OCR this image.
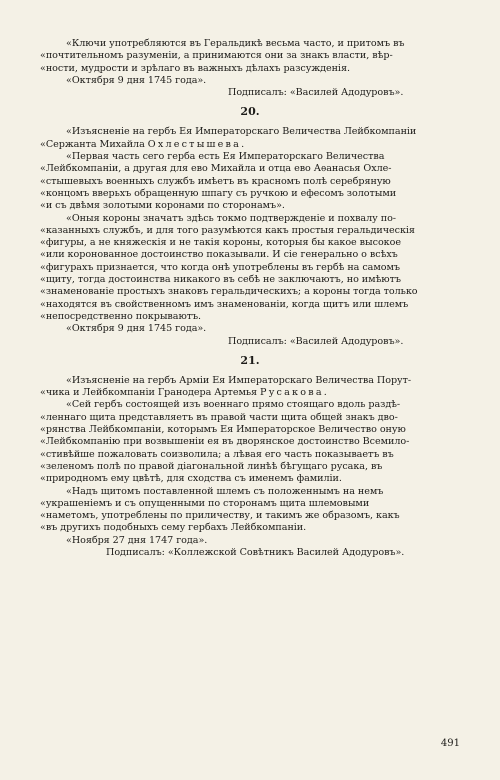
«Ключи употребляются въ Геральдикѣ весьма часто, и притомъ въ
«почтительномъ разуменіи, а принимаются они за знакъ власти, вѣр-
«ности, мудрости и зрѣлаго въ важныхъ дѣлахъ разсужденія.
«Октября 9 дня 1745 года».
Подписалъ: «Василей Адодуровъ».
20.
«Изъясненіе на гербъ Ея Императорскаго Величества Лейбкомпаніи
«Сержанта Михайла Охлестышева.
«Первая часть сего герба есть Ея Императорскаго Величества
«Лейбкомпаніи, а другая для ево Михайла и отца ево Аѳанасья Охле-
«стышевыхъ военныхъ службъ имѣетъ въ красномъ полѣ серебряную
«концомъ вверьхъ обращенную шпагу съ ручкою и ефесомъ золотыми
«и съ двѣмя золотыми коронами по сторонамъ».
«Оныя короны значатъ здѣсь токмо подтвержденіе и похвалу по-
«казанныхъ службъ, и для того разумѣются какъ простыя геральдическія
«фигуры, а не княжескія и не такія короны, которыя бы какое высокое
«или коронованное достоинство показывали. И сіе генерально о всѣхъ
«фигурахъ признается, что когда онѣ употреблены въ гербѣ на самомъ
«щиту, тогда достоинства никакого въ себѣ не заключаютъ, но имѣютъ
«знаменованіе простыхъ знаковъ геральдическихъ; а короны тогда только
«находятся въ свойственномъ имъ знаменованіи, когда щитъ или шлемъ
«непосредственно покрываютъ.
«Октября 9 дня 1745 года».
Подписалъ: «Василей Адодуровъ».
21.
«Изъясненіе на гербъ Арміи Ея Императорскаго Величества Порут-
«чика и Лейбкомпаніи Гранодера Артемья Русакова.
«Сей гербъ состоящей изъ военнаго прямо стоящаго вдоль раздѣ-
«леннаго щита представляетъ въ правой части щита общей знакъ дво-
«рянства Лейбкомпаніи, которымъ Ея Императорское Величество оную
«Лейбкомпанію при возвышеніи ея въ дворянское достоинство Всемило-
«стивѣйше пожаловать соизволила; а лѣвая его часть показываетъ въ
«зеленомъ полѣ по правой діагональной линѣѣ бѣгущаго русака, въ
«природномъ ему цвѣтѣ, для сходства съ именемъ фамиліи.
«Надъ щитомъ поставленной шлемъ съ положеннымъ на немъ
«украшеніемъ и съ опущенными по сторонамъ щита шлемовыми
«наметомъ, употреблены по приличеству, и такимъ же образомъ, какъ
«въ другихъ подобныхъ сему гербахъ Лейбкомпаніи.
«Ноября 27 дня 1747 года».
Подписалъ: «Коллежской Совѣтникъ Василей Адодуровъ».
491
